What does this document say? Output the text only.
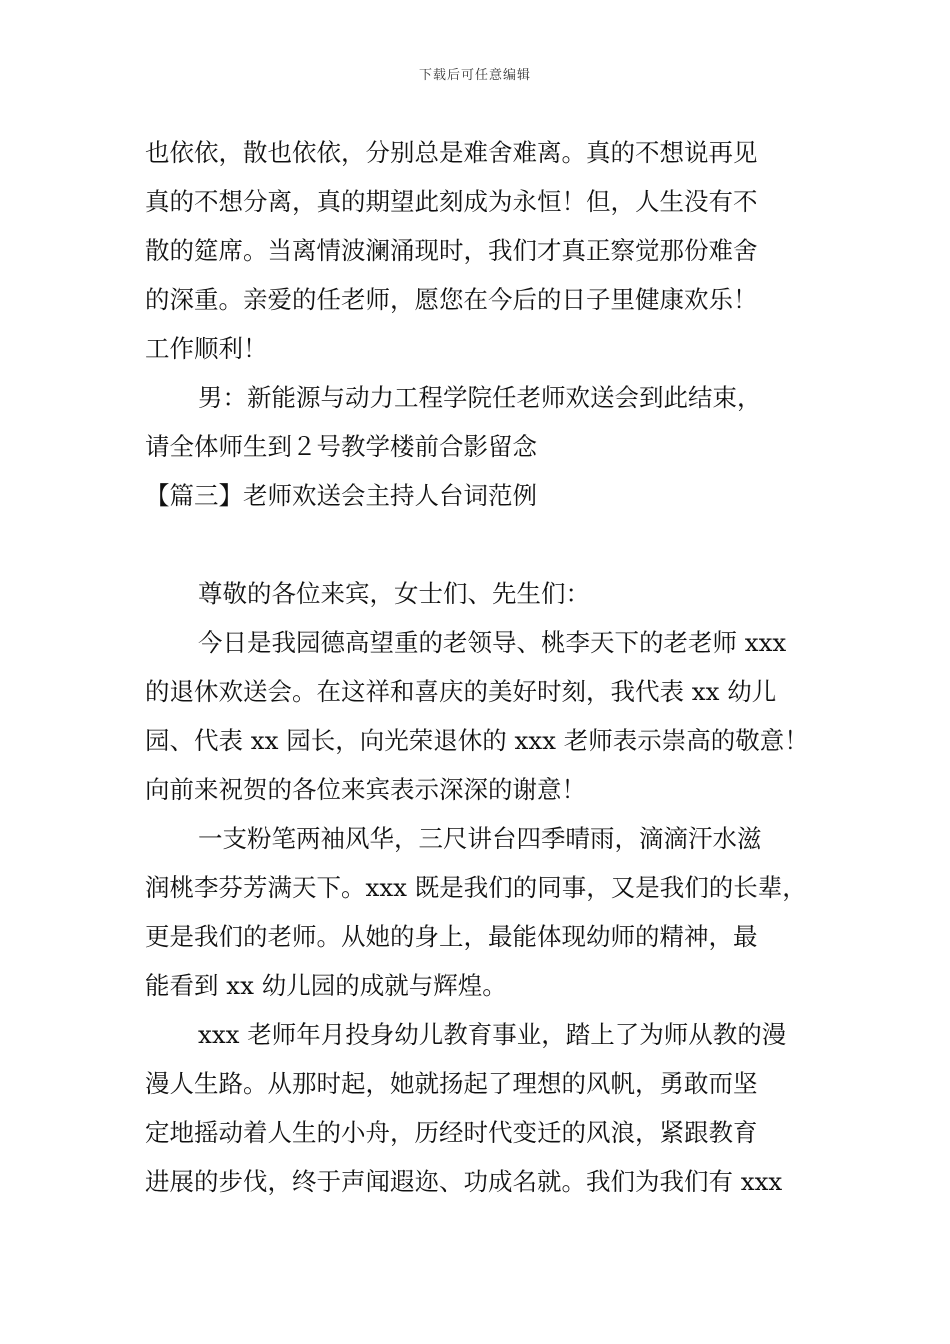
下载后可任意编辑
也依依，散也依依，分别总是难舍难离。真的不想说再见
真的不想分离，真的期望此刻成为永恒！但，人生没有不
散的筵席。当离情波澜涌现时，我们才真正察觉那份难舍
的深重。亲爱的任老师，愿您在今后的日子里健康欢乐！
工作顺利！
男：新能源与动力工程学院任老师欢送会到此结束，
请全体师生到２号教学楼前合影留念
【篇三】老师欢送会主持人台词范例
尊敬的各位来宾，女士们、先生们：
今日是我园德高望重的老领导、桃李天下的老老师 xxx
的退休欢送会。在这祥和喜庆的美好时刻，我代表 xx 幼儿
园、代表 xx 园长，向光荣退休的 xxx 老师表示崇高的敬意！
向前来祝贺的各位来宾表示深深的谢意！
一支粉笔两袖风华，三尺讲台四季晴雨，滴滴汗水滋
润桃李芬芳满天下。xxx 既是我们的同事，又是我们的长辈，
更是我们的老师。从她的身上，最能体现幼师的精神，最
能看到 xx 幼儿园的成就与辉煌。
xxx 老师年月投身幼儿教育事业，踏上了为师从教的漫
漫人生路。从那时起，她就扬起了理想的风帆，勇敢而坚
定地摇动着人生的小舟，历经时代变迁的风浪，紧跟教育
进展的步伐，终于声闻遐迩、功成名就。我们为我们有 xxx
